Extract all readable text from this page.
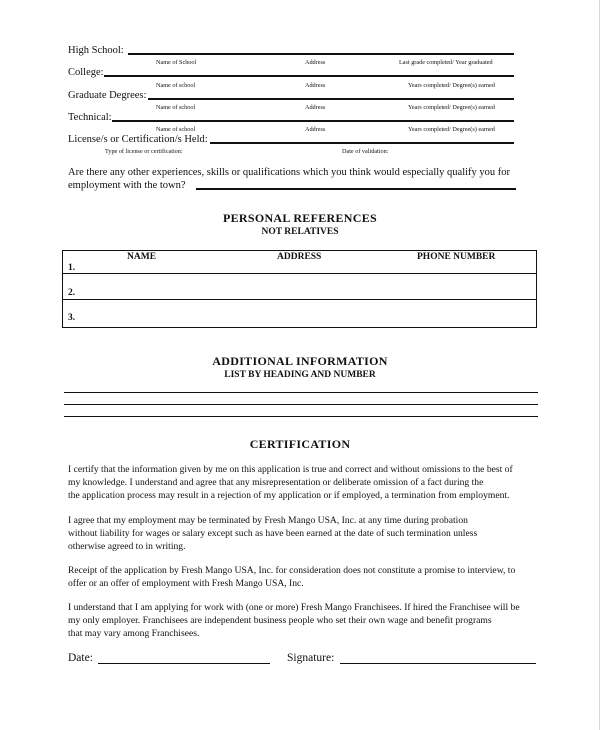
High School:
Name of School	Address	Last grade completed/ Year graduated
College:
Name of school	Address	Years completed/ Degree(s) earned
Graduate Degrees:
Name of school	Address	Years completed/ Degree(s) earned
Technical:
Name of school	Address	Years completed/ Degree(s) earned
License/s or Certification/s Held:
Type of license or certification:	Date of validation:
Are there any other experiences, skills or qualifications which you think would especially qualify you for
employment with the town?
PERSONAL REFERENCES
NOT RELATIVES
NAME	ADDRESS	PHONE NUMBER
1.
2.
3.
ADDITIONAL INFORMATION
LIST BY HEADING AND NUMBER
CERTIFICATION
I certify that the information given by me on this application is true and correct and without omissions to the best of
my knowledge. I understand and agree that any misrepresentation or deliberate omission of a fact during the
the application process may result in a rejection of my application or if employed, a termination from employment.
I agree that my employment may be terminated by Fresh Mango USA, Inc. at any time during probation
without liability for wages or salary except such as have been earned at the date of such termination unless
otherwise agreed to in writing.
Receipt of the application by Fresh Mango USA, Inc. for consideration does not constitute a promise to interview, to
offer or an offer of employment with Fresh Mango USA, Inc.
I understand that I am applying for work with (one or more) Fresh Mango Franchisees. If hired the Franchisee will be
my only employer. Franchisees are independent business people who set their own wage and benefit programs
that may vary among Franchisees.
Date:	Signature:
